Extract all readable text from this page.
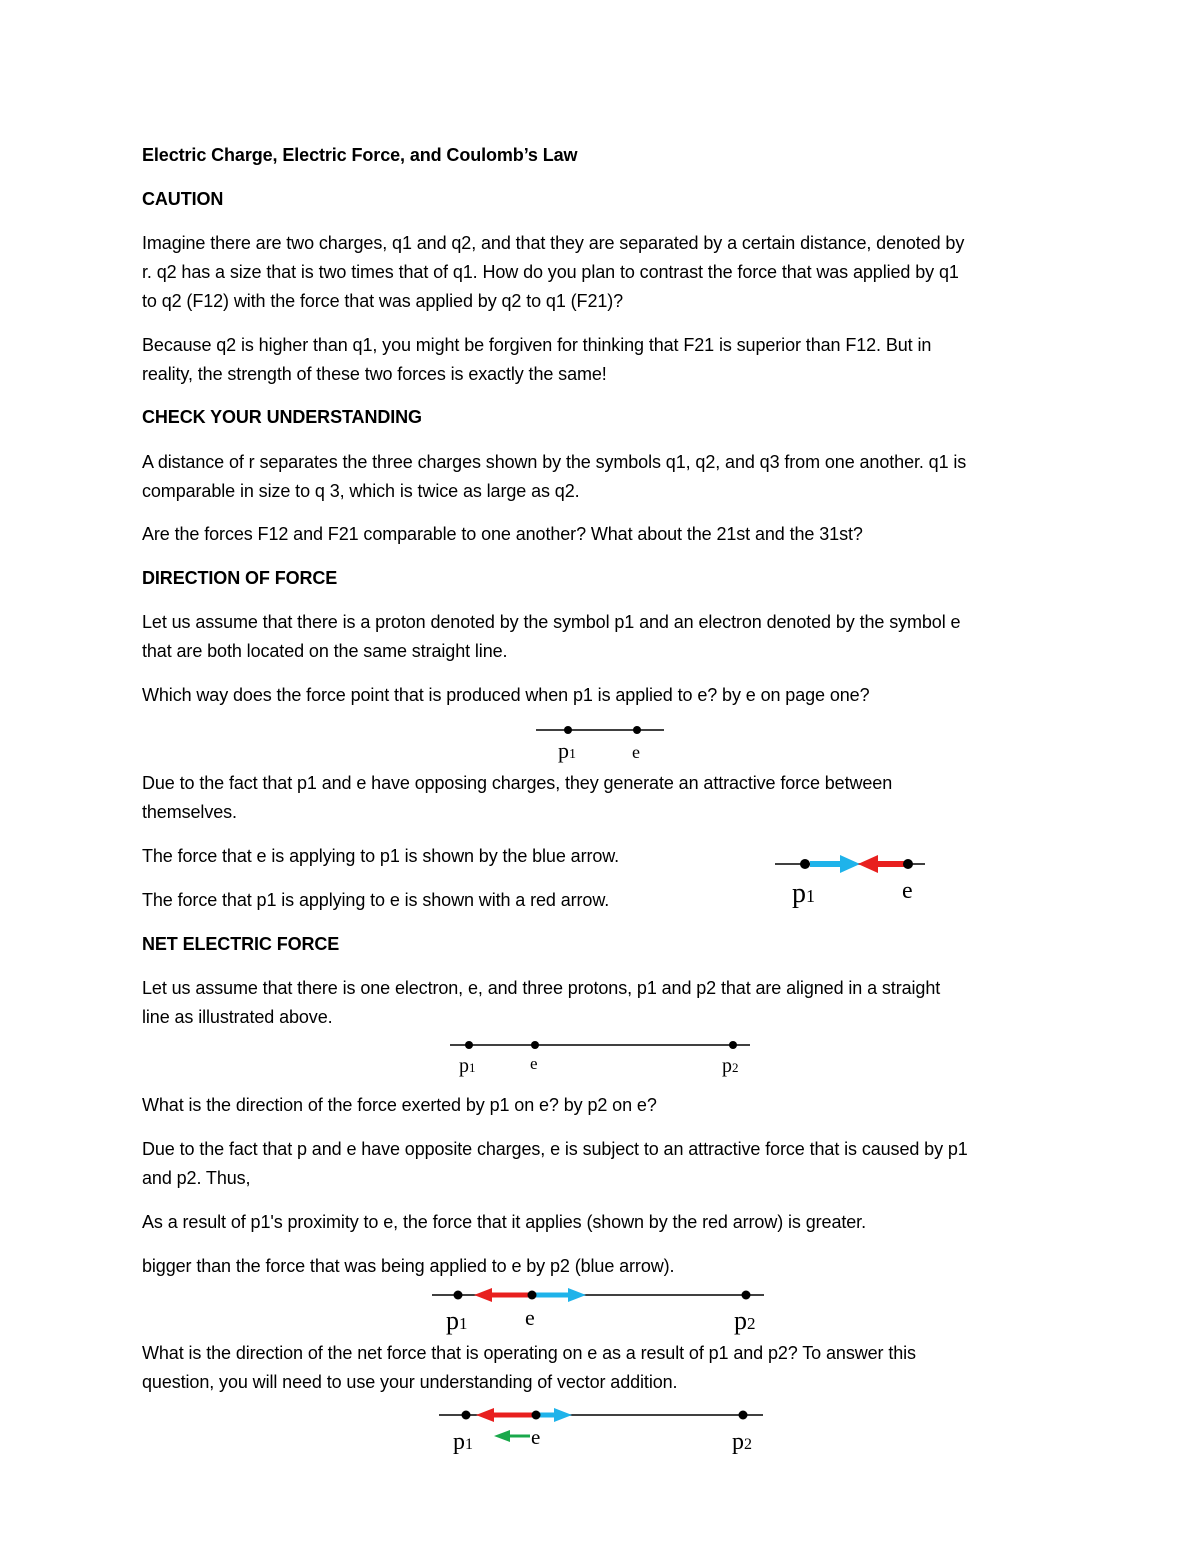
Electric Charge, Electric Force, and Coulomb’s Law

CAUTION

Imagine there are two charges, q1 and q2, and that they are separated by a certain distance, denoted by

r. q2 has a size that is two times that of q1. How do you plan to contrast the force that was applied by q1

to q2 (F12) with the force that was applied by q2 to q1 (F21)?

Because q2 is higher than q1, you might be forgiven for thinking that F21 is superior than F12. But in

reality, the strength of these two forces is exactly the same!

CHECK YOUR UNDERSTANDING

A distance of r separates the three charges shown by the symbols q1, q2, and q3 from one another. q1 is

comparable in size to q 3, which is twice as large as q2.

Are the forces F12 and F21 comparable to one another? What about the 21st and the 31st?

DIRECTION OF FORCE

Let us assume that there is a proton denoted by the symbol p1 and an electron denoted by the symbol e

that are both located on the same straight line.

Which way does the force point that is produced when p1 is applied to e? by e on page one?

p1	e

Due to the fact that p1 and e have opposing charges, they generate an attractive force between

themselves.

The force that e is applying to p1 is shown by the blue arrow.

The force that p1 is applying to e is shown with a red arrow.	p1	e

NET ELECTRIC FORCE

Let us assume that there is one electron, e, and three protons, p1 and p2 that are aligned in a straight

line as illustrated above.

p1	e	p2

What is the direction of the force exerted by p1 on e? by p2 on e?

Due to the fact that p and e have opposite charges, e is subject to an attractive force that is caused by p1

and p2. Thus,

As a result of p1's proximity to e, the force that it applies (shown by the red arrow) is greater.

bigger than the force that was being applied to e by p2 (blue arrow).

p1	e	p2

What is the direction of the net force that is operating on e as a result of p1 and p2? To answer this

question, you will need to use your understanding of vector addition.

p1	e	p2
